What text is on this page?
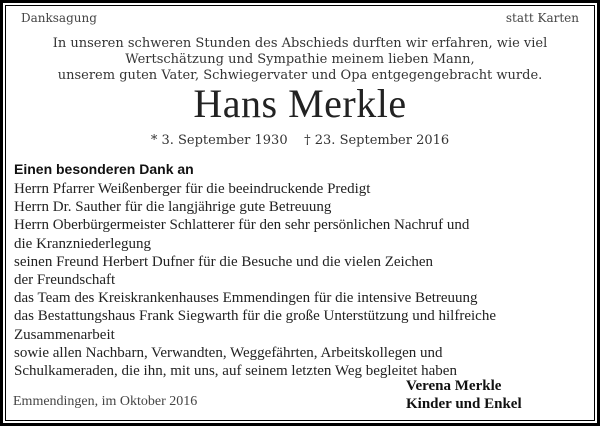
Danksagung	statt Karten
In unseren schweren Stunden des Abschieds durften wir erfahren, wie viel
Wertschätzung und Sympathie meinem lieben Mann,
unserem guten Vater, Schwiegervater und Opa entgegengebracht wurde.
Hans Merkle
* 3. September 1930 † 23. September 2016
Einen besonderen Dank an
Herrn Pfarrer Weißenberger für die beeindruckende Predigt
Herrn Dr. Sauther für die langjährige gute Betreuung
Herrn Oberbürgermeister Schlatterer für den sehr persönlichen Nachruf und
die Kranzniederlegung
seinen Freund Herbert Dufner für die Besuche und die vielen Zeichen
der Freundschaft
das Team des Kreiskrankenhauses Emmendingen für die intensive Betreuung
das Bestattungshaus Frank Siegwarth für die große Unterstützung und hilfreiche
Zusammenarbeit
sowie allen Nachbarn, Verwandten, Weggefährten, Arbeitskollegen und
Schulkameraden, die ihn, mit uns, auf seinem letzten Weg begleitet haben
Emmendingen, im Oktober 2016
Verena Merkle
Kinder und Enkel
